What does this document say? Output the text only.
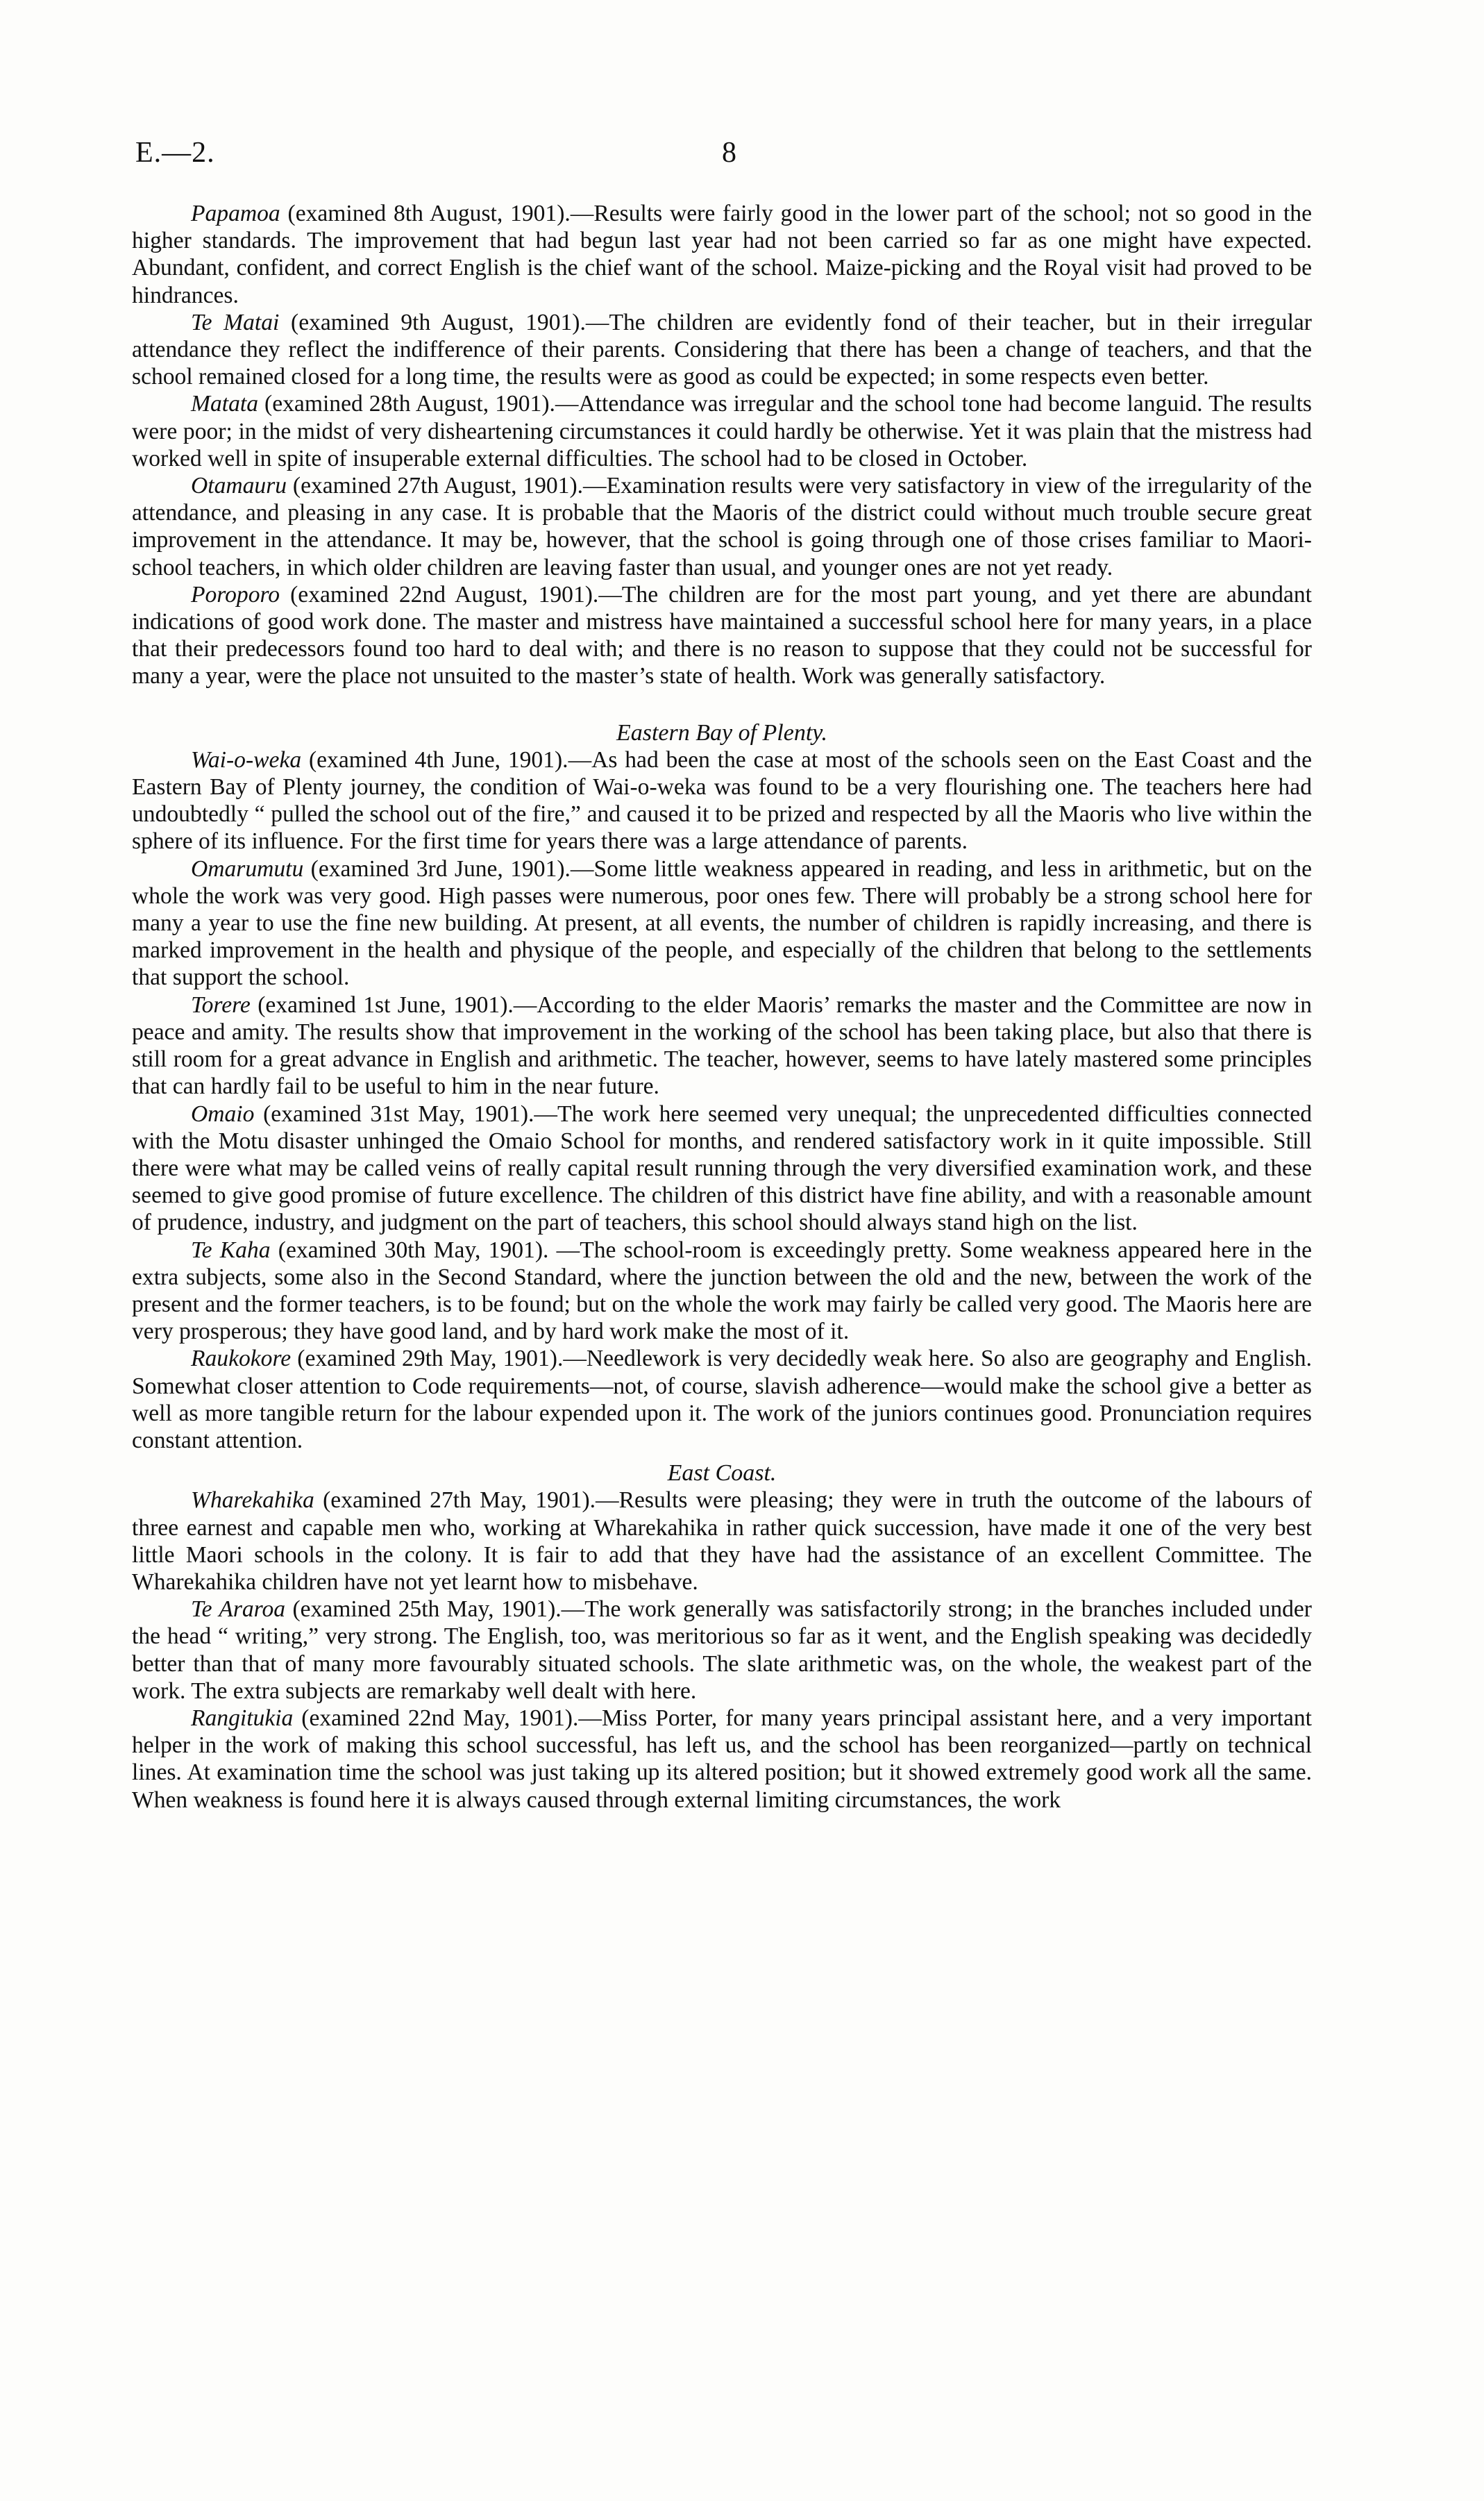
E.—2.	8

Papamoa (examined 8th August, 1901).—Results were fairly good in the lower part of the school; not so good in the higher standards. The improvement that had begun last year had not been carried so far as one might have expected. Abundant, confident, and correct English is the chief want of the school. Maize-picking and the Royal visit had proved to be hindrances.

Te Matai (examined 9th August, 1901).—The children are evidently fond of their teacher, but in their irregular attendance they reflect the indifference of their parents. Considering that there has been a change of teachers, and that the school remained closed for a long time, the results were as good as could be expected; in some respects even better.

Matata (examined 28th August, 1901).—Attendance was irregular and the school tone had become languid. The results were poor; in the midst of very disheartening circumstances it could hardly be otherwise. Yet it was plain that the mistress had worked well in spite of insuperable external difficulties. The school had to be closed in October.

Otamauru (examined 27th August, 1901).—Examination results were very satisfactory in view of the irregularity of the attendance, and pleasing in any case. It is probable that the Maoris of the district could without much trouble secure great improvement in the attendance. It may be, however, that the school is going through one of those crises familiar to Maori-school teachers, in which older children are leaving faster than usual, and younger ones are not yet ready.

Poroporo (examined 22nd August, 1901).—The children are for the most part young, and yet there are abundant indications of good work done. The master and mistress have maintained a successful school here for many years, in a place that their predecessors found too hard to deal with; and there is no reason to suppose that they could not be successful for many a year, were the place not unsuited to the master’s state of health. Work was generally satisfactory.

Eastern Bay of Plenty.

Wai-o-weka (examined 4th June, 1901).—As had been the case at most of the schools seen on the East Coast and the Eastern Bay of Plenty journey, the condition of Wai-o-weka was found to be a very flourishing one. The teachers here had undoubtedly “ pulled the school out of the fire,” and caused it to be prized and respected by all the Maoris who live within the sphere of its influence. For the first time for years there was a large attendance of parents.

Omarumutu (examined 3rd June, 1901).—Some little weakness appeared in reading, and less in arithmetic, but on the whole the work was very good. High passes were numerous, poor ones few. There will probably be a strong school here for many a year to use the fine new building. At present, at all events, the number of children is rapidly increasing, and there is marked improvement in the health and physique of the people, and especially of the children that belong to the settlements that support the school.

Torere (examined 1st June, 1901).—According to the elder Maoris’ remarks the master and the Committee are now in peace and amity. The results show that improvement in the working of the school has been taking place, but also that there is still room for a great advance in English and arithmetic. The teacher, however, seems to have lately mastered some principles that can hardly fail to be useful to him in the near future.

Omaio (examined 31st May, 1901).—The work here seemed very unequal; the unprecedented difficulties connected with the Motu disaster unhinged the Omaio School for months, and rendered satisfactory work in it quite impossible. Still there were what may be called veins of really capital result running through the very diversified examination work, and these seemed to give good promise of future excellence. The children of this district have fine ability, and with a reasonable amount of prudence, industry, and judgment on the part of teachers, this school should always stand high on the list.

Te Kaha (examined 30th May, 1901). —The school-room is exceedingly pretty. Some weakness appeared here in the extra subjects, some also in the Second Standard, where the junction between the old and the new, between the work of the present and the former teachers, is to be found; but on the whole the work may fairly be called very good. The Maoris here are very prosperous; they have good land, and by hard work make the most of it.

Raukokore (examined 29th May, 1901).—Needlework is very decidedly weak here. So also are geography and English. Somewhat closer attention to Code requirements—not, of course, slavish adherence—would make the school give a better as well as more tangible return for the labour expended upon it. The work of the juniors continues good. Pronunciation requires constant attention.

East Coast.

Wharekahika (examined 27th May, 1901).—Results were pleasing; they were in truth the outcome of the labours of three earnest and capable men who, working at Wharekahika in rather quick succession, have made it one of the very best little Maori schools in the colony. It is fair to add that they have had the assistance of an excellent Committee. The Wharekahika children have not yet learnt how to misbehave.

Te Araroa (examined 25th May, 1901).—The work generally was satisfactorily strong; in the branches included under the head “ writing,” very strong. The English, too, was meritorious so far as it went, and the English speaking was decidedly better than that of many more favourably situated schools. The slate arithmetic was, on the whole, the weakest part of the work. The extra subjects are remarkaby well dealt with here.

Rangitukia (examined 22nd May, 1901).—Miss Porter, for many years principal assistant here, and a very important helper in the work of making this school successful, has left us, and the school has been reorganized—partly on technical lines. At examination time the school was just taking up its altered position; but it showed extremely good work all the same. When weakness is found here it is always caused through external limiting circumstances, the work
